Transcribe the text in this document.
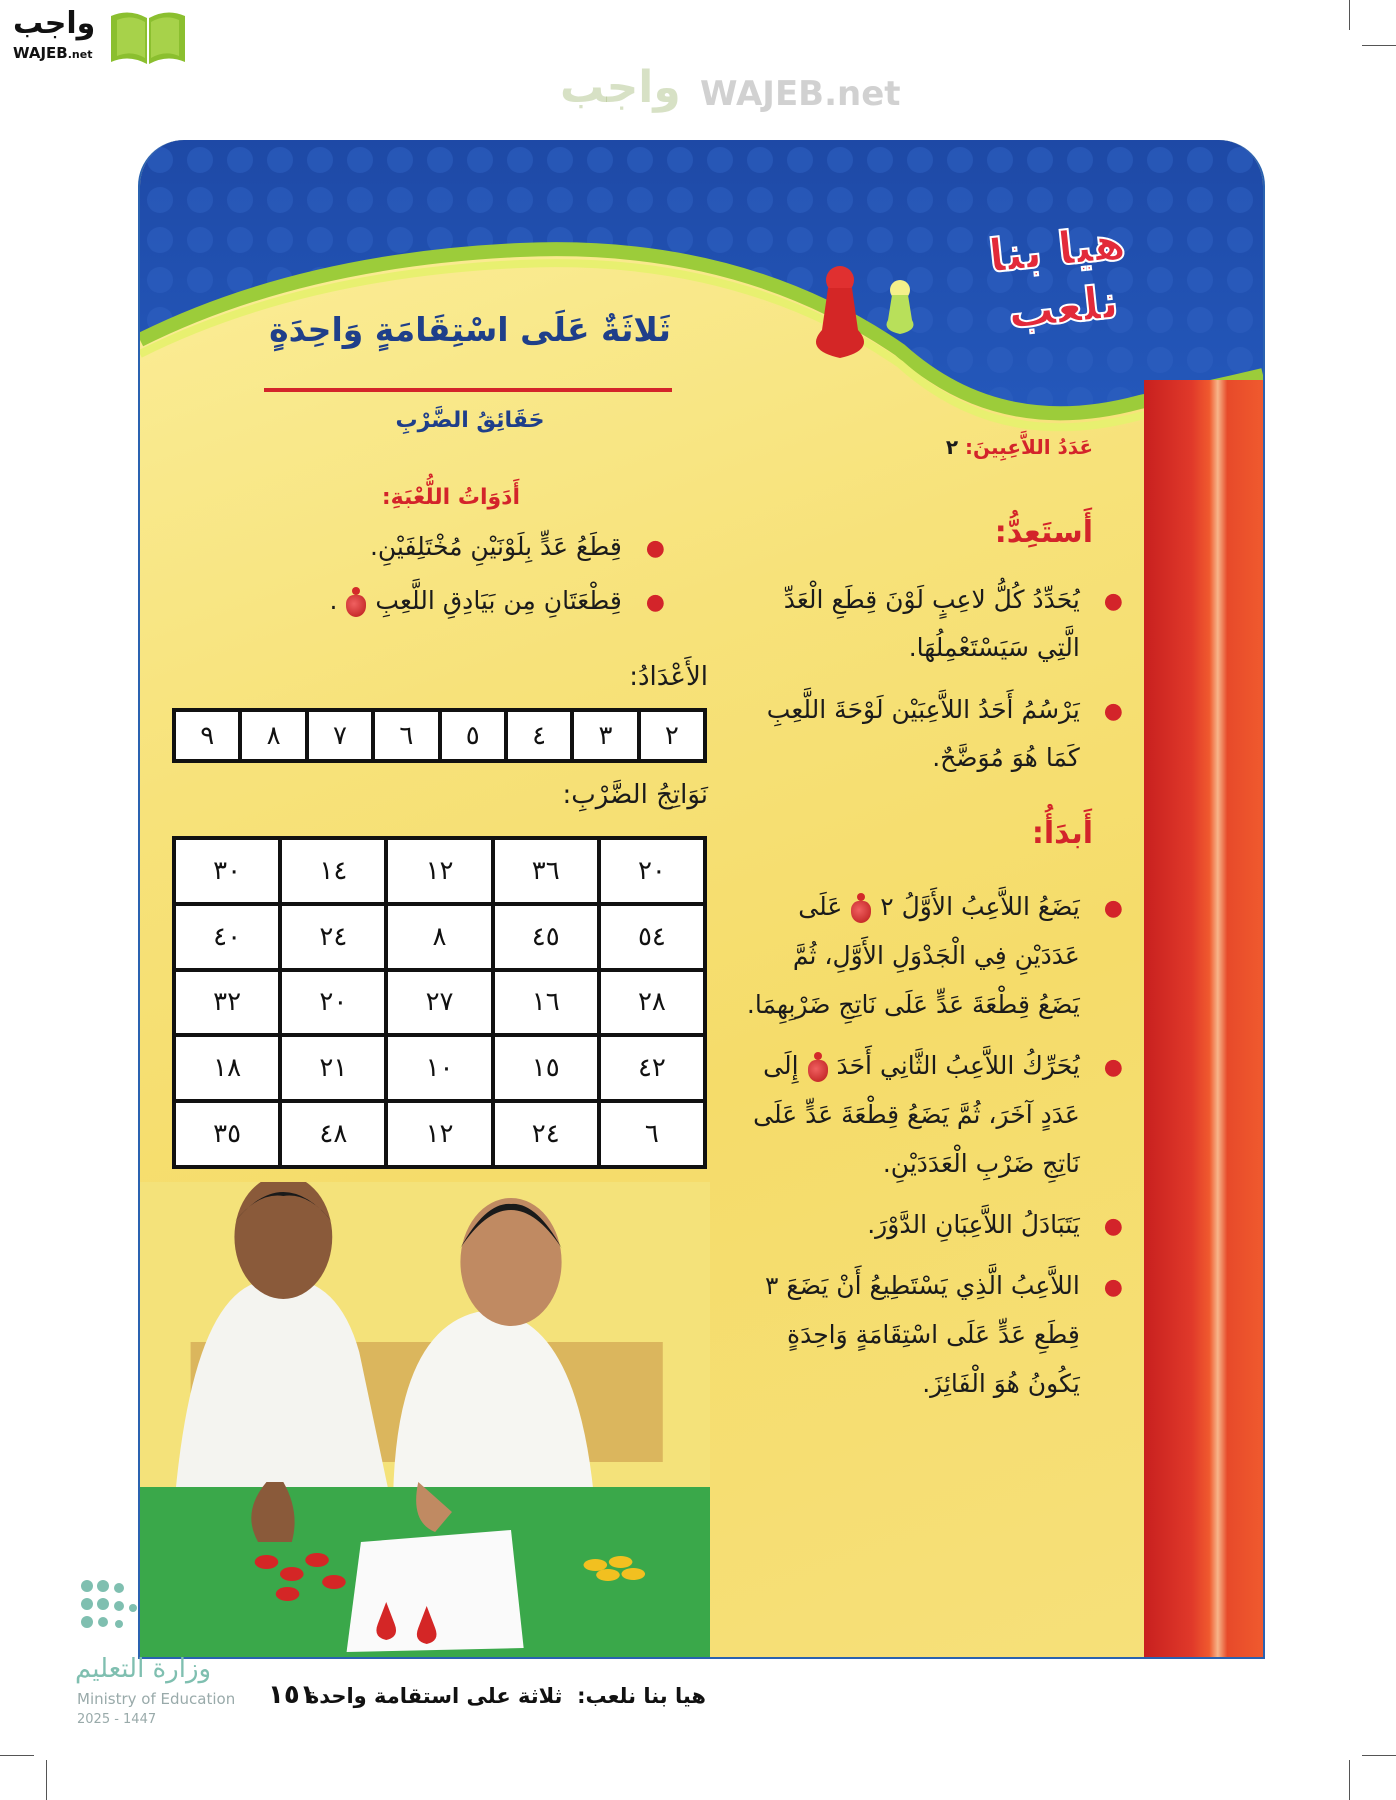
واجب
WAJEB.net
واجب WAJEB.net
هيا بنا نلعب
ثَلاثَةٌ عَلَى اسْتِقَامَةٍ وَاحِدَةٍ
حَقَائِقُ الضَّرْبِ
أَدَوَاتُ اللُّعْبَةِ:
●قِطَعُ عَدٍّ بِلَوْنَيْنِ مُخْتَلِفَيْنِ.
●قِطْعَتَانِ مِن بَيَادِقِ اللَّعِبِ  .
الأَعْدَادُ:
٢	٣	٤	٥	٦	٧	٨	٩
نَوَاتِجُ الضَّرْبِ:
٢٠	٣٦	١٢	١٤	٣٠
٥٤	٤٥	٨	٢٤	٤٠
٢٨	١٦	٢٧	٢٠	٣٢
٤٢	١٥	١٠	٢١	١٨
٦	٢٤	١٢	٤٨	٣٥
عَدَدُ اللاَّعِبِينَ: ٢
أَستَعِدُّ:
●يُحَدِّدُ كُلُّ لاعِبٍ لَوْنَ قِطَعِ الْعَدِّ
الَّتِي سَيَسْتَعْمِلُهَا.
●يَرْسُمُ أَحَدُ اللاَّعِبَيْن لَوْحَةَ اللَّعِبِ
كَمَا هُوَ مُوَضَّحٌ.
أَبدَأُ:
●يَضَعُ اللاَّعِبُ الأَوَّلُ ٢  عَلَى
عَدَدَيْنِ فِي الْجَدْوَلِ الأَوَّلِ، ثُمَّ
يَضَعُ قِطْعَةَ عَدٍّ عَلَى نَاتِجِ ضَرْبِهِمَا.
●يُحَرِّكُ اللاَّعِبُ الثَّانِي أَحَدَ  إِلَى
عَدَدٍ آخَرَ، ثُمَّ يَضَعُ قِطْعَةَ عَدٍّ عَلَى
نَاتِجِ ضَرْبِ الْعَدَدَيْنِ.
●يَتَبَادَلُ اللاَّعِبَانِ الدَّوْرَ.
●اللاَّعِبُ الَّذِي يَسْتَطِيعُ أَنْ يَضَعَ ٣
قِطَعِ عَدٍّ عَلَى اسْتِقَامَةٍ وَاحِدَةٍ
يَكُونُ هُوَ الْفَائِزَ.
وزارة التعليم
Ministry of Education
2025 - 1447
هيا بنا نلعب:  ثلاثة على استقامة واحدة
١٥١
